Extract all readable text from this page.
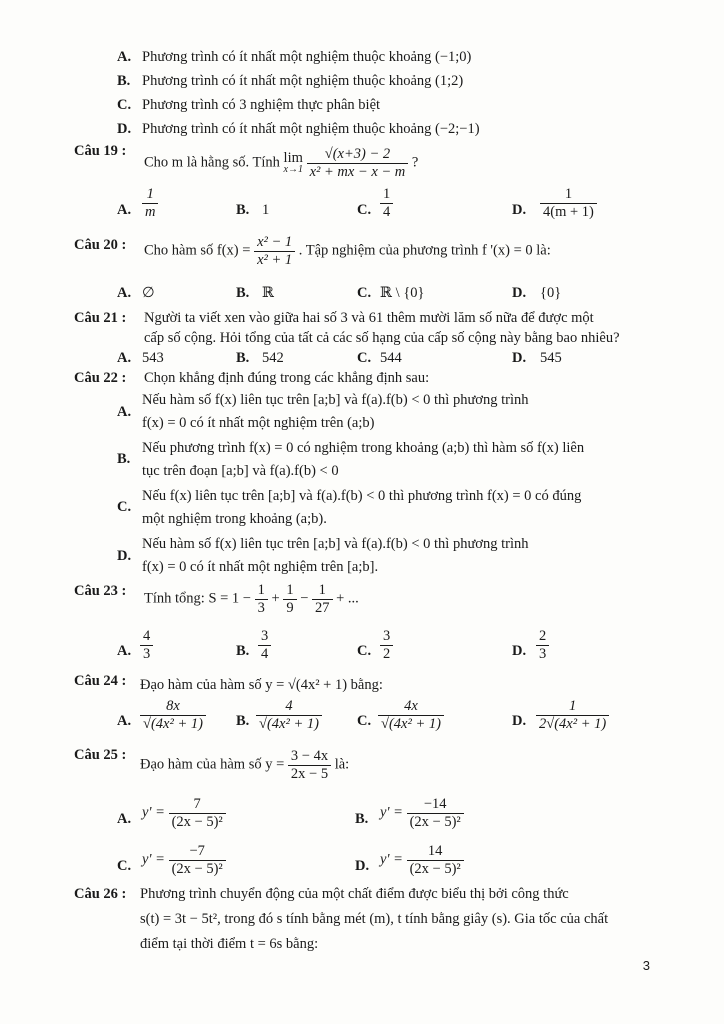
A. Phương trình có ít nhất một nghiệm thuộc khoảng (−1;0)
B. Phương trình có ít nhất một nghiệm thuộc khoảng (1;2)
C. Phương trình có 3 nghiệm thực phân biệt
D. Phương trình có ít nhất một nghiệm thuộc khoảng (−2;−1)
Câu 19 :
Cho m là hằng số. Tính lim
x→1
$\frac{√(x+3) - 2}{\text{x² + mx − x − m}}$ ?
A. $\frac{1}{m}$	B. 1	C. $\frac{1}{4}$	D. $\frac{1}{4(m + 1)}$
Câu 20 : Cho hàm số $f(x) = \frac{\text{x² − 1}}{\text{x² + 1}}$ . Tập nghiệm của phương trình f '(x) = 0 là:
A. ∅	B. ℝ	C. ℝ \ {0}	D. {0}
Câu 21 : Người ta viết xen vào giữa hai số 3 và 61 thêm mười lăm số nữa để được một
cấp số cộng. Hỏi tổng của tất cả các số hạng của cấp số cộng này bằng bao nhiêu?
A. 543	B. 542	C. 544	D. 545
Câu 22 : Chọn khẳng định đúng trong các khẳng định sau:
A.
Nếu hàm số f(x) liên tục trên [a;b] và f(a).f(b) < 0 thì phương trình
f(x) = 0 có ít nhất một nghiệm trên (a;b)
B.
Nếu phương trình f(x) = 0 có nghiệm trong khoảng (a;b) thì hàm số f(x) liên
tục trên đoạn [a;b] và f(a).f(b) < 0
C.
Nếu f(x) liên tục trên [a;b] và f(a).f(b) < 0 thì phương trình f(x) = 0 có đúng
một nghiệm trong khoảng (a;b).
D.
Nếu hàm số f(x) liên tục trên [a;b] và f(a).f(b) < 0 thì phương trình
f(x) = 0 có ít nhất một nghiệm trên [a;b].
Câu 23 : Tính tổng: $S = 1 - \frac{1}{3} + \frac{1}{9} - \frac{1}{27}$ + ...
A. $\frac{4}{3}$	B. $\frac{3}{4}$	C. $\frac{3}{2}$	D. $\frac{2}{3}$
Câu 24 : Đạo hàm của hàm số y = √(4x² + 1) bằng:
A. $\frac{8x}{\text{√(4x² + 1)}} B$. $\frac{4}{\text{√(4x² + 1)}} C$. $\frac{4x}{\text{√(4x² + 1)}}$	D. $\frac{1}{\text{2√(4x² + 1)}}$
Câu 25 :
Đạo hàm của hàm số $y = \frac{3 - 4x}{2x - 5}$ là:
A. $y' = \frac{7}{\text{(2x − 5)²}}$	B. $y' = \frac{-14}{\text{(2x − 5)²}}$
C. $y' = \frac{-7}{\text{(2x − 5)²}}$	D. $y' = \frac{14}{\text{(2x − 5)²}}$
Câu 26 : Phương trình chuyển động của một chất điểm được biểu thị bởi công thức
s(t) = 3t − 5t², trong đó s tính bằng mét (m), t tính bằng giây (s). Gia tốc của chất
điểm tại thời điểm t = 6s bằng:
3
